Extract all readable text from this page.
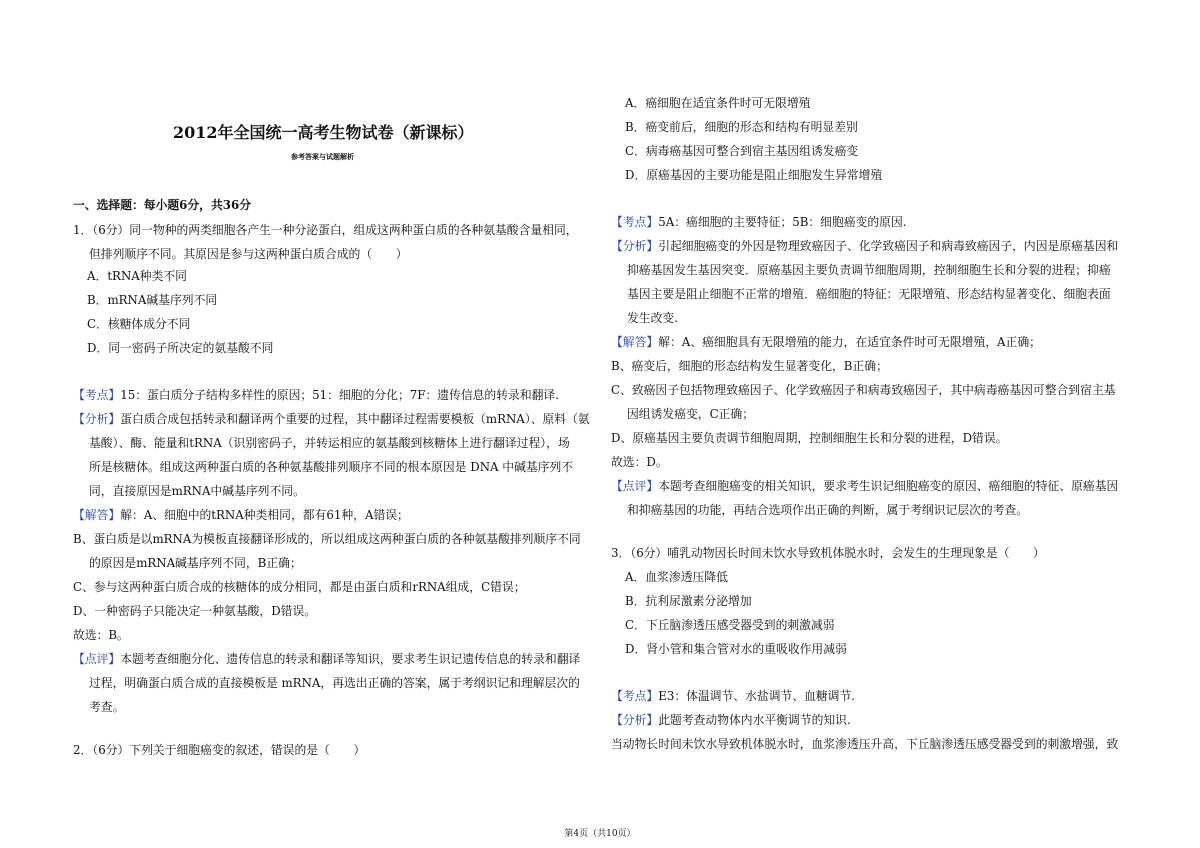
2012年全国统一高考生物试卷（新课标）
参考答案与试题解析
一、选择题：每小题6分，共36分
1．（6分）同一物种的两类细胞各产生一种分泌蛋白，组成这两种蛋白质的各种氨基酸含量相同，
但排列顺序不同。其原因是参与这两种蛋白质合成的（　　）
A．tRNA种类不同
B．mRNA碱基序列不同
C．核糖体成分不同
D．同一密码子所决定的氨基酸不同
【考点】15：蛋白质分子结构多样性的原因；51：细胞的分化；7F：遗传信息的转录和翻译.
【分析】蛋白质合成包括转录和翻译两个重要的过程，其中翻译过程需要模板（mRNA）、原料（氨
基酸）、酶、能量和tRNA（识别密码子，并转运相应的氨基酸到核糖体上进行翻译过程），场
所是核糖体。组成这两种蛋白质的各种氨基酸排列顺序不同的根本原因是 DNA 中碱基序列不
同，直接原因是mRNA中碱基序列不同。
【解答】解：A、细胞中的tRNA种类相同，都有61种，A错误；
B、蛋白质是以mRNA为模板直接翻译形成的，所以组成这两种蛋白质的各种氨基酸排列顺序不同
的原因是mRNA碱基序列不同，B正确；
C、参与这两种蛋白质合成的核糖体的成分相同，都是由蛋白质和rRNA组成，C错误；
D、一种密码子只能决定一种氨基酸，D错误。
故选：B。
【点评】本题考查细胞分化、遗传信息的转录和翻译等知识，要求考生识记遗传信息的转录和翻译
过程，明确蛋白质合成的直接模板是 mRNA，再选出正确的答案，属于考纲识记和理解层次的
考查。
2．（6分）下列关于细胞癌变的叙述，错误的是（　　）
A．癌细胞在适宜条件时可无限增殖
B．癌变前后，细胞的形态和结构有明显差别
C．病毒癌基因可整合到宿主基因组诱发癌变
D．原癌基因的主要功能是阻止细胞发生异常增殖
【考点】5A：癌细胞的主要特征；5B：细胞癌变的原因.
【分析】引起细胞癌变的外因是物理致癌因子、化学致癌因子和病毒致癌因子，内因是原癌基因和
抑癌基因发生基因突变．原癌基因主要负责调节细胞周期，控制细胞生长和分裂的进程；抑癌
基因主要是阻止细胞不正常的增殖．癌细胞的特征：无限增殖、形态结构显著变化、细胞表面
发生改变.
【解答】解：A、癌细胞具有无限增殖的能力，在适宜条件时可无限增殖，A正确；
B、癌变后，细胞的形态结构发生显著变化，B正确；
C、致癌因子包括物理致癌因子、化学致癌因子和病毒致癌因子，其中病毒癌基因可整合到宿主基
因组诱发癌变，C正确；
D、原癌基因主要负责调节细胞周期，控制细胞生长和分裂的进程，D错误。
故选：D。
【点评】本题考查细胞癌变的相关知识，要求考生识记细胞癌变的原因、癌细胞的特征、原癌基因
和抑癌基因的功能，再结合选项作出正确的判断，属于考纲识记层次的考查。
3．（6分）哺乳动物因长时间未饮水导致机体脱水时，会发生的生理现象是（　　）
A．血浆渗透压降低
B．抗利尿激素分泌增加
C．下丘脑渗透压感受器受到的刺激减弱
D．肾小管和集合管对水的重吸收作用减弱
【考点】E3：体温调节、水盐调节、血糖调节.
【分析】此题考查动物体内水平衡调节的知识.
当动物长时间未饮水导致机体脱水时，血浆渗透压升高，下丘脑渗透压感受器受到的刺激增强，致
第4页（共10页）
